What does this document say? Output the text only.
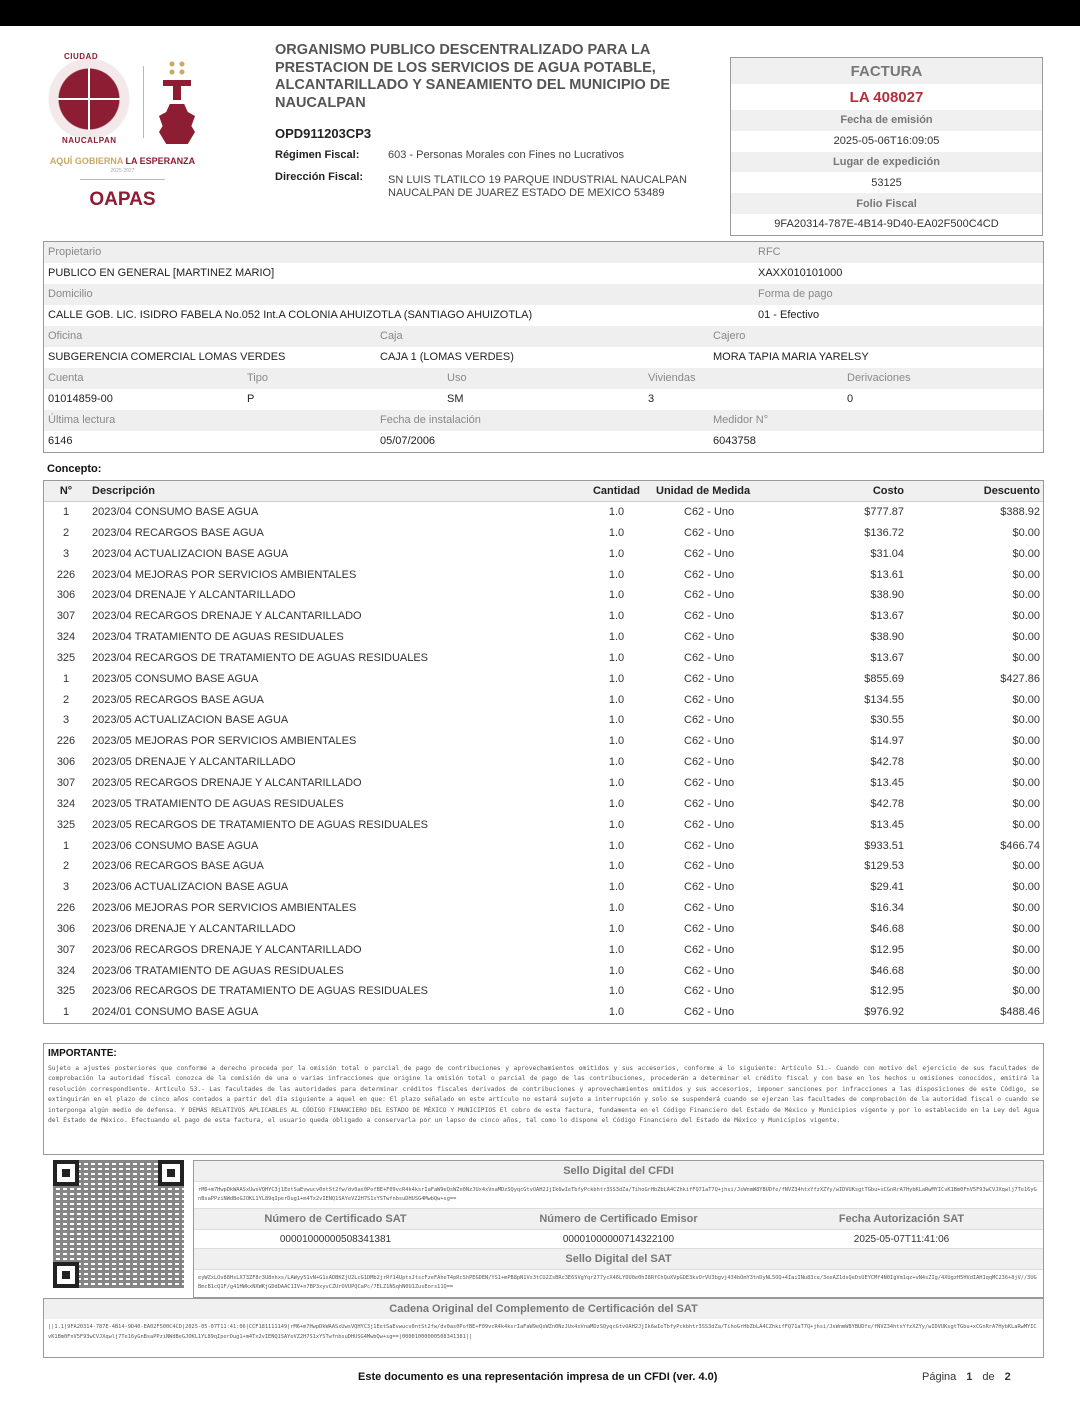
CIUDAD
NAUCALPAN
AQUÍ GOBIERNA LA ESPERANZA
2025-2027
OAPAS
ORGANISMO PUBLICO DESCENTRALIZADO PARA LA PRESTACION DE LOS SERVICIOS DE AGUA POTABLE, ALCANTARILLADO Y SANEAMIENTO DEL MUNICIPIO DE NAUCALPAN
OPD911203CP3
Régimen Fiscal:	603 - Personas Morales con Fines no Lucrativos
Dirección Fiscal:	SN LUIS TLATILCO 19 PARQUE INDUSTRIAL NAUCALPAN NAUCALPAN DE JUAREZ ESTADO DE MEXICO 53489
FACTURA
LA 408027
Fecha de emisión
2025-05-06T16:09:05
Lugar de expedición
53125
Folio Fiscal
9FA20314-787E-4B14-9D40-EA02F500C4CD
Propietario	RFC
PUBLICO EN GENERAL [MARTINEZ MARIO]	XAXX010101000
Domicilio	Forma de pago
CALLE GOB. LIC. ISIDRO FABELA No.052 Int.A COLONIA AHUIZOTLA (SANTIAGO AHUIZOTLA)	01 - Efectivo
Oficina	Caja	Cajero
SUBGERENCIA COMERCIAL LOMAS VERDES	CAJA 1 (LOMAS VERDES)	MORA TAPIA MARIA YARELSY
Cuenta	Tipo	Uso	Viviendas	Derivaciones
01014859-00	P	SM	3	0
Última lectura	Fecha de instalación	Medidor N°
6146	05/07/2006	6043758
Concepto:
N°	Descripción	Cantidad	Unidad de Medida	Costo	Descuento
1	2023/04 CONSUMO BASE AGUA	1.0	C62 - Uno	$777.87	$388.92
2	2023/04 RECARGOS BASE AGUA	1.0	C62 - Uno	$136.72	$0.00
3	2023/04 ACTUALIZACION BASE AGUA	1.0	C62 - Uno	$31.04	$0.00
226	2023/04 MEJORAS POR SERVICIOS AMBIENTALES	1.0	C62 - Uno	$13.61	$0.00
306	2023/04 DRENAJE Y ALCANTARILLADO	1.0	C62 - Uno	$38.90	$0.00
307	2023/04 RECARGOS DRENAJE Y ALCANTARILLADO	1.0	C62 - Uno	$13.67	$0.00
324	2023/04 TRATAMIENTO DE AGUAS RESIDUALES	1.0	C62 - Uno	$38.90	$0.00
325	2023/04 RECARGOS DE TRATAMIENTO DE AGUAS RESIDUALES	1.0	C62 - Uno	$13.67	$0.00
1	2023/05 CONSUMO BASE AGUA	1.0	C62 - Uno	$855.69	$427.86
2	2023/05 RECARGOS BASE AGUA	1.0	C62 - Uno	$134.55	$0.00
3	2023/05 ACTUALIZACION BASE AGUA	1.0	C62 - Uno	$30.55	$0.00
226	2023/05 MEJORAS POR SERVICIOS AMBIENTALES	1.0	C62 - Uno	$14.97	$0.00
306	2023/05 DRENAJE Y ALCANTARILLADO	1.0	C62 - Uno	$42.78	$0.00
307	2023/05 RECARGOS DRENAJE Y ALCANTARILLADO	1.0	C62 - Uno	$13.45	$0.00
324	2023/05 TRATAMIENTO DE AGUAS RESIDUALES	1.0	C62 - Uno	$42.78	$0.00
325	2023/05 RECARGOS DE TRATAMIENTO DE AGUAS RESIDUALES	1.0	C62 - Uno	$13.45	$0.00
1	2023/06 CONSUMO BASE AGUA	1.0	C62 - Uno	$933.51	$466.74
2	2023/06 RECARGOS BASE AGUA	1.0	C62 - Uno	$129.53	$0.00
3	2023/06 ACTUALIZACION BASE AGUA	1.0	C62 - Uno	$29.41	$0.00
226	2023/06 MEJORAS POR SERVICIOS AMBIENTALES	1.0	C62 - Uno	$16.34	$0.00
306	2023/06 DRENAJE Y ALCANTARILLADO	1.0	C62 - Uno	$46.68	$0.00
307	2023/06 RECARGOS DRENAJE Y ALCANTARILLADO	1.0	C62 - Uno	$12.95	$0.00
324	2023/06 TRATAMIENTO DE AGUAS RESIDUALES	1.0	C62 - Uno	$46.68	$0.00
325	2023/06 RECARGOS DE TRATAMIENTO DE AGUAS RESIDUALES	1.0	C62 - Uno	$12.95	$0.00
1	2024/01 CONSUMO BASE AGUA	1.0	C62 - Uno	$976.92	$488.46
IMPORTANTE:

Sujeto a ajustes posteriores que conforme a derecho proceda por la omisión total o parcial de pago de contribuciones y aprovechamientos omitidos y sus accesorios, conforme a lo siguiente: Artículo 51.- Cuando con motivo del ejercicio de sus facultades de comprobación la autoridad fiscal conozca de la comisión de una o varias infracciones que origine la omisión total o parcial de pago de las contribuciones, procederán a determinar el crédito fiscal y con base en los hechos u omisiones conocidos, emitirá la resolución correspondiente. Artículo 53.- Las facultades de las autoridades para determinar créditos fiscales derivados de contribuciones y aprovechamientos omitidos y sus accesorios, imponer sanciones por infracciones a las disposiciones de este Código, se extinguirán en el plazo de cinco años contados a partir del día siguiente a aquel en que: El plazo señalado en este artículo no estará sujeto a interrupción y solo se suspenderá cuando se ejerzan las facultades de comprobación de la autoridad fiscal o cuando se interponga algún medio de defensa. Y DEMÁS RELATIVOS APLICABLES AL CÓDIGO FINANCIERO DEL ESTADO DE MÉXICO Y MUNICIPIOS El cobro de esta factura, fundamenta en el Código Financiero del Estado de México y Municipios vigente y por lo establecido en la Ley del Agua del Estado de México. Efectuando el pago de esta factura, el usuario queda obligado a conservarla por un lapso de cinco años, tal como lo dispone el Código Financiero del Estado de México y Municipios vigente.

Sello Digital del CFDI
rM6+m7HwpDkWAASxUwsVQHYC3j1EetSaEvwucv0ntSt2fw/dv0as0PofBE+F09vcR4k4ksrIaFaW9eQsWZn0NzJUx4xVnaMDzSQyqcGtvOAH2JjIk6wIeTbfyPckbhtr3SS3dZa/TihoGrHbZbLA4CZhkifFQ71aT7Q+jhsi/JsWnmW8YBUDfe/fNVZ34htxYfzXZYy/wIDVUKsgtTGbu+xCGnRrA7HybKLaRwMYICvK1Bm0FnV5F93wCVJXqwlj7Te16yGnBsaPPziNWdBeGJOKL1YL89qIperDug1+m4Tx2vIENQ1SAYeVZ2H7S1xYSTwfnbsuDHUSG4MwbQw+sg==
Número de Certificado SAT
00001000000508341381
Número de Certificado Emisor
00001000000714322100
Fecha Autorización SAT
2025-05-07T11:41:06
Sello Digital del SAT
eyWZxLOv88HsLX73ZF8r3U8nhxs/LAWyy51vN+G1sADBKZjU2LcG1DMb2jrRf14UptsJtscFzeFAheT4pRcShPEGDEN/YS1+mPB8pN1Vs3tCU2ZsBRc3E6SVgYqr277ycX46LYDU0e0hI8RfChQuXVpGDE3kvOrVU3bgvj434bOmY3tnDyNL5OQ+4IaiINu83ce/3eeAZ1dsQeDsUEYCMf4N0IgVm1qz+vN4sZIg/4XUgzH5HVdIAH1qqMC236+8jV//3UGBmcB1cQ1F/g41HWkxNXWKjGDdDAAC1IV+n7BP3xyvCZUrOVUPQCaPc/7ELZ1NSqhN0U1ZusEors11Q==
Cadena Original del Complemento de Certificación del SAT
||1.1|9FA20314-787E-4B14-9D40-EA02F500C4CD|2025-05-07T11:41:06|CCF181111149|rM6+m7HwpDkWAASxUwsVQHYC3j1EetSaEvwucv0ntSt2fw/dv0as0PofBE+F09vcR4k4ksrIaFaW9eQsWZn0NzJUx4xVnaMDzSQyqcGtvOAH2JjIk6wIeTbfyPckbhtr3SS3dZa/TihoGrHbZbLA4CZhkifFQ71aT7Q+jhsi/JsWnmW8YBUDfe/fNVZ34htxYfzXZYy/wIDVUKsgtTGbu+xCGnRrA7HybKLaRwMYICvK1Bm0FnV5F93wCVJXqwlj7Te16yGnBsaPPziNWdBeGJOKL1YL89qIperDug1+m4Tx2vIENQ1SAYeVZ2H7S1xYSTwfnbsuDHUSG4MwbQw+sg==|00001000000508341381||
Este documento es una representación impresa de un CFDI (ver. 4.0)	Página 1 de 2
